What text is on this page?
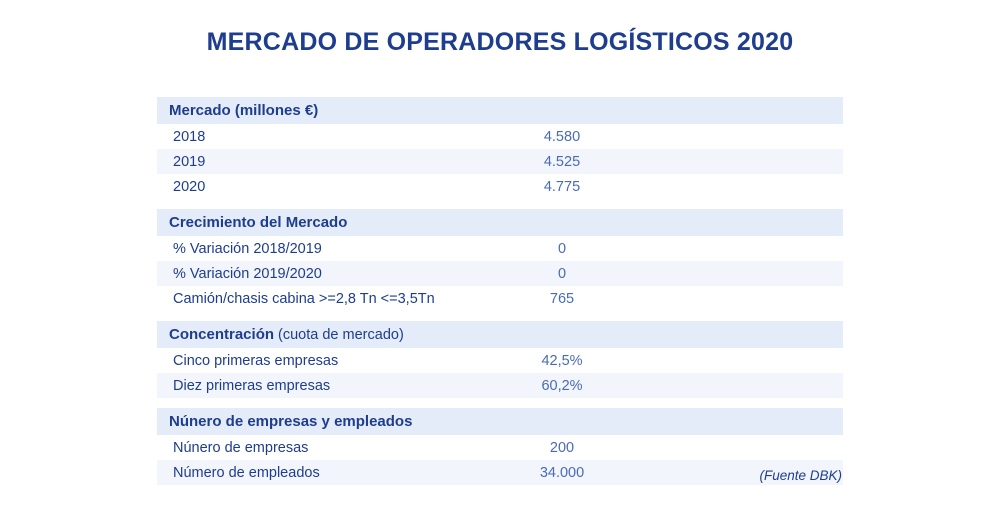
MERCADO DE OPERADORES LOGÍSTICOS 2020
Mercado (millones €)
2018	4.580
2019	4.525
2020	4.775
Crecimiento del Mercado
% Variación 2018/2019	0
% Variación 2019/2020	0
Camión/chasis cabina >=2,8 Tn <=3,5Tn	765
Concentración (cuota de mercado)
Cinco primeras empresas	42,5%
Diez primeras empresas	60,2%
Núnero de empresas y empleados
Núnero de empresas	200
Número de empleados	34.000	(Fuente DBK)
